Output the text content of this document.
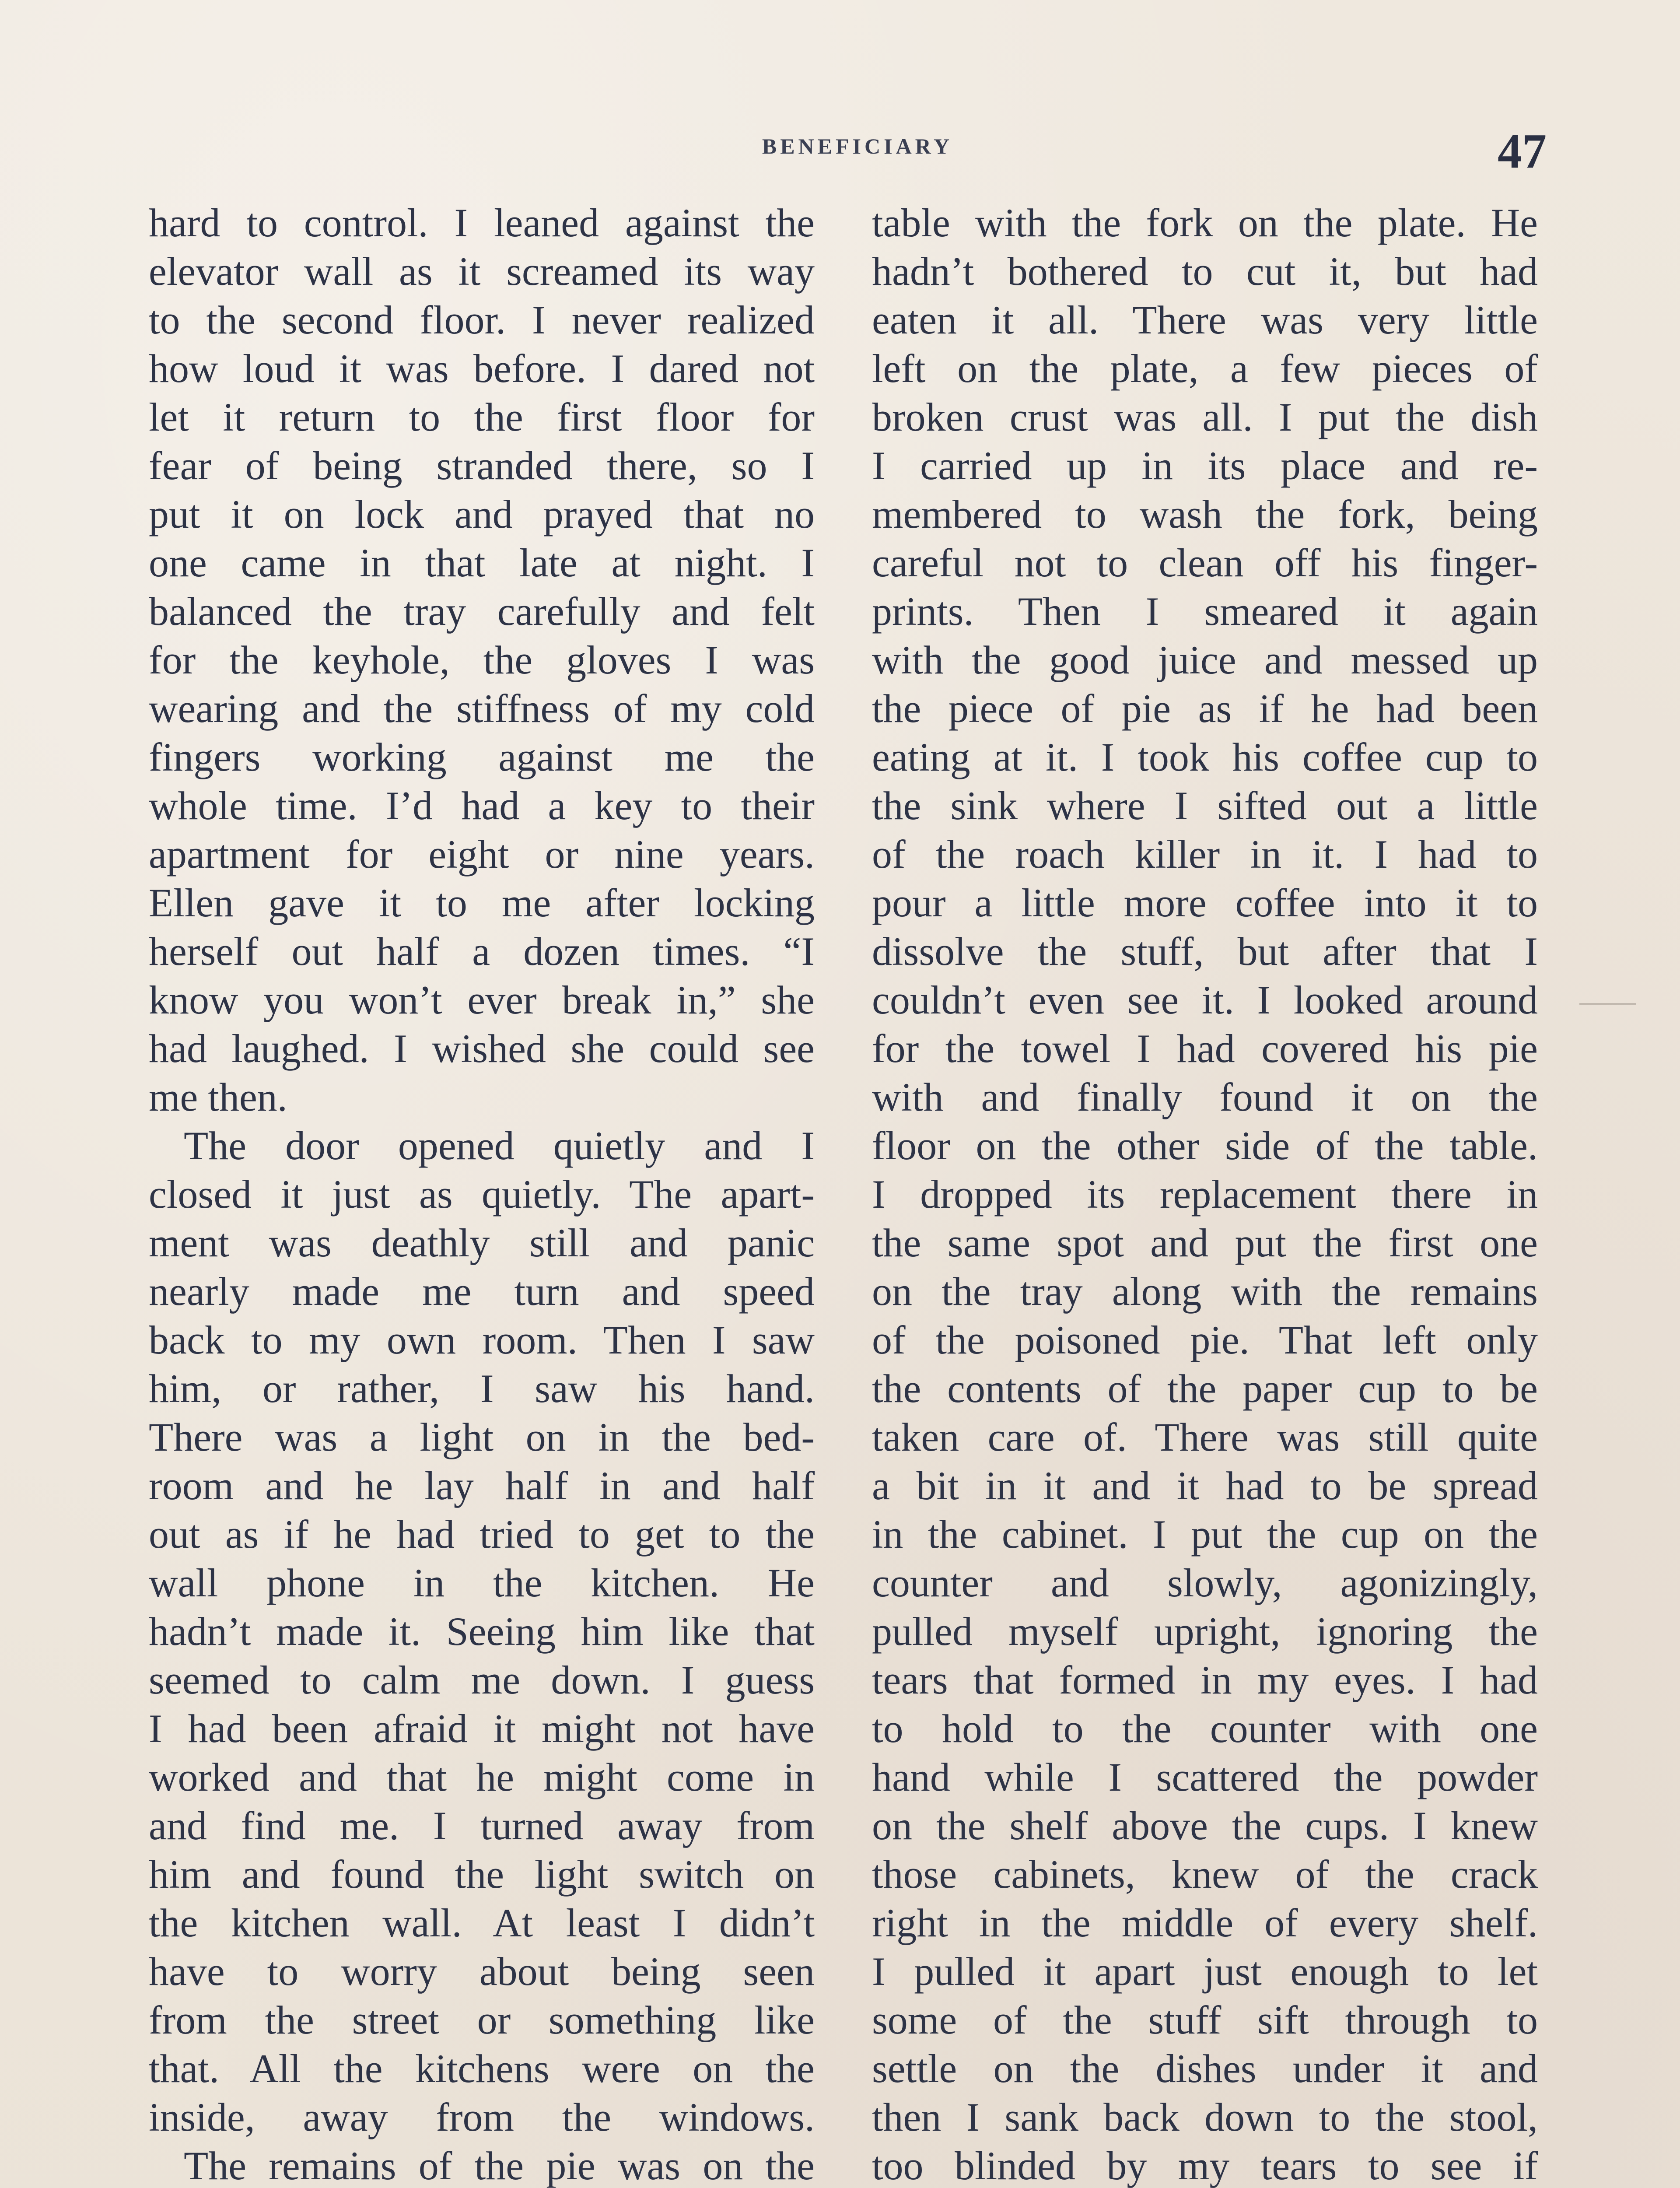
BENEFICIARY	47
hard to control. I leaned against the
elevator wall as it screamed its way
to the second floor. I never realized
how loud it was before. I dared not
let it return to the first floor for
fear of being stranded there, so I
put it on lock and prayed that no
one came in that late at night. I
balanced the tray carefully and felt
for the keyhole, the gloves I was
wearing and the stiffness of my cold
fingers working against me the
whole time. I’d had a key to their
apartment for eight or nine years.
Ellen gave it to me after locking
herself out half a dozen times. “I
know you won’t ever break in,” she
had laughed. I wished she could see
me then.
The door opened quietly and I
closed it just as quietly. The apart-
ment was deathly still and panic
nearly made me turn and speed
back to my own room. Then I saw
him, or rather, I saw his hand.
There was a light on in the bed-
room and he lay half in and half
out as if he had tried to get to the
wall phone in the kitchen. He
hadn’t made it. Seeing him like that
seemed to calm me down. I guess
I had been afraid it might not have
worked and that he might come in
and find me. I turned away from
him and found the light switch on
the kitchen wall. At least I didn’t
have to worry about being seen
from the street or something like
that. All the kitchens were on the
inside, away from the windows.
The remains of the pie was on the
table with the fork on the plate. He
hadn’t bothered to cut it, but had
eaten it all. There was very little
left on the plate, a few pieces of
broken crust was all. I put the dish
I carried up in its place and re-
membered to wash the fork, being
careful not to clean off his finger-
prints. Then I smeared it again
with the good juice and messed up
the piece of pie as if he had been
eating at it. I took his coffee cup to
the sink where I sifted out a little
of the roach killer in it. I had to
pour a little more coffee into it to
dissolve the stuff, but after that I
couldn’t even see it. I looked around
for the towel I had covered his pie
with and finally found it on the
floor on the other side of the table.
I dropped its replacement there in
the same spot and put the first one
on the tray along with the remains
of the poisoned pie. That left only
the contents of the paper cup to be
taken care of. There was still quite
a bit in it and it had to be spread
in the cabinet. I put the cup on the
counter and slowly, agonizingly,
pulled myself upright, ignoring the
tears that formed in my eyes. I had
to hold to the counter with one
hand while I scattered the powder
on the shelf above the cups. I knew
those cabinets, knew of the crack
right in the middle of every shelf.
I pulled it apart just enough to let
some of the stuff sift through to
settle on the dishes under it and
then I sank back down to the stool,
too blinded by my tears to see if
